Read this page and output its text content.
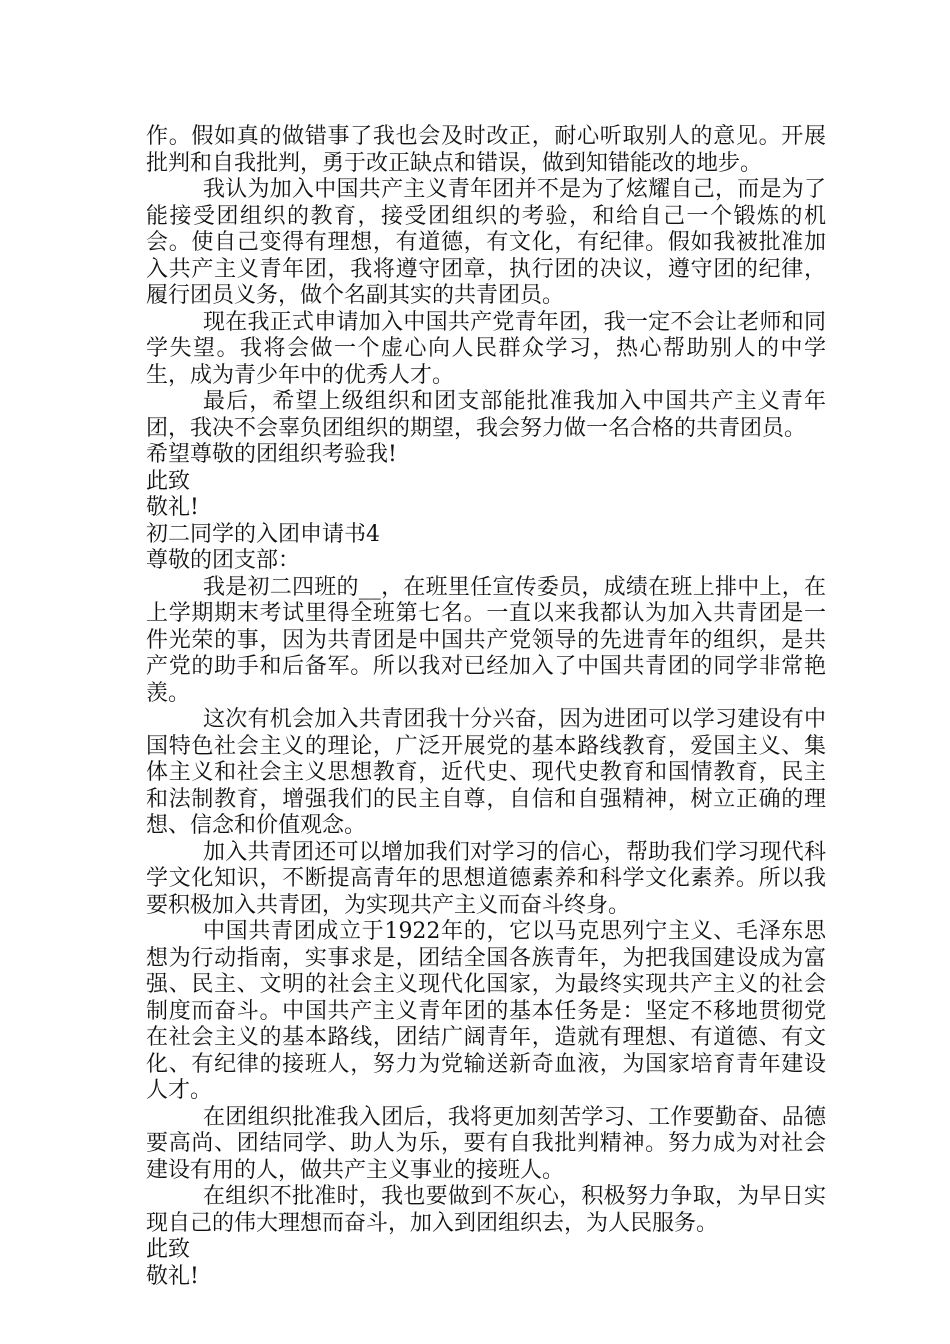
作。假如真的做错事了我也会及时改正，耐心听取别人的意见。开展批判和自我批判，勇于改正缺点和错误，做到知错能改的地步。

我认为加入中国共产主义青年团并不是为了炫耀自己，而是为了能接受团组织的教育，接受团组织的考验，和给自己一个锻炼的机会。使自己变得有理想，有道德，有文化，有纪律。假如我被批准加入共产主义青年团，我将遵守团章，执行团的决议，遵守团的纪律，履行团员义务，做个名副其实的共青团员。

现在我正式申请加入中国共产党青年团，我一定不会让老师和同学失望。我将会做一个虚心向人民群众学习，热心帮助别人的中学生，成为青少年中的优秀人才。

最后，希望上级组织和团支部能批准我加入中国共产主义青年团，我决不会辜负团组织的期望，我会努力做一名合格的共青团员。

希望尊敬的团组织考验我!

此致

敬礼!

初二同学的入团申请书4

尊敬的团支部：

我是初二四班的__，在班里任宣传委员，成绩在班上排中上，在上学期期末考试里得全班第七名。一直以来我都认为加入共青团是一件光荣的事，因为共青团是中国共产党领导的先进青年的组织，是共产党的助手和后备军。所以我对已经加入了中国共青团的同学非常艳羡。

这次有机会加入共青团我十分兴奋，因为进团可以学习建设有中国特色社会主义的理论，广泛开展党的基本路线教育，爱国主义、集体主义和社会主义思想教育，近代史、现代史教育和国情教育，民主和法制教育，增强我们的民主自尊，自信和自强精神，树立正确的理想、信念和价值观念。

加入共青团还可以增加我们对学习的信心，帮助我们学习现代科学文化知识，不断提高青年的思想道德素养和科学文化素养。所以我要积极加入共青团，为实现共产主义而奋斗终身。

中国共青团成立于1922年的，它以马克思列宁主义、毛泽东思想为行动指南，实事求是，团结全国各族青年，为把我国建设成为富强、民主、文明的社会主义现代化国家，为最终实现共产主义的社会制度而奋斗。中国共产主义青年团的基本任务是：坚定不移地贯彻党在社会主义的基本路线，团结广阔青年，造就有理想、有道德、有文化、有纪律的接班人，努力为党输送新奇血液，为国家培育青年建设人才。

在团组织批准我入团后，我将更加刻苦学习、工作要勤奋、品德要高尚、团结同学、助人为乐，要有自我批判精神。努力成为对社会建设有用的人，做共产主义事业的接班人。

在组织不批准时，我也要做到不灰心，积极努力争取，为早日实现自己的伟大理想而奋斗，加入到团组织去，为人民服务。

此致

敬礼!
